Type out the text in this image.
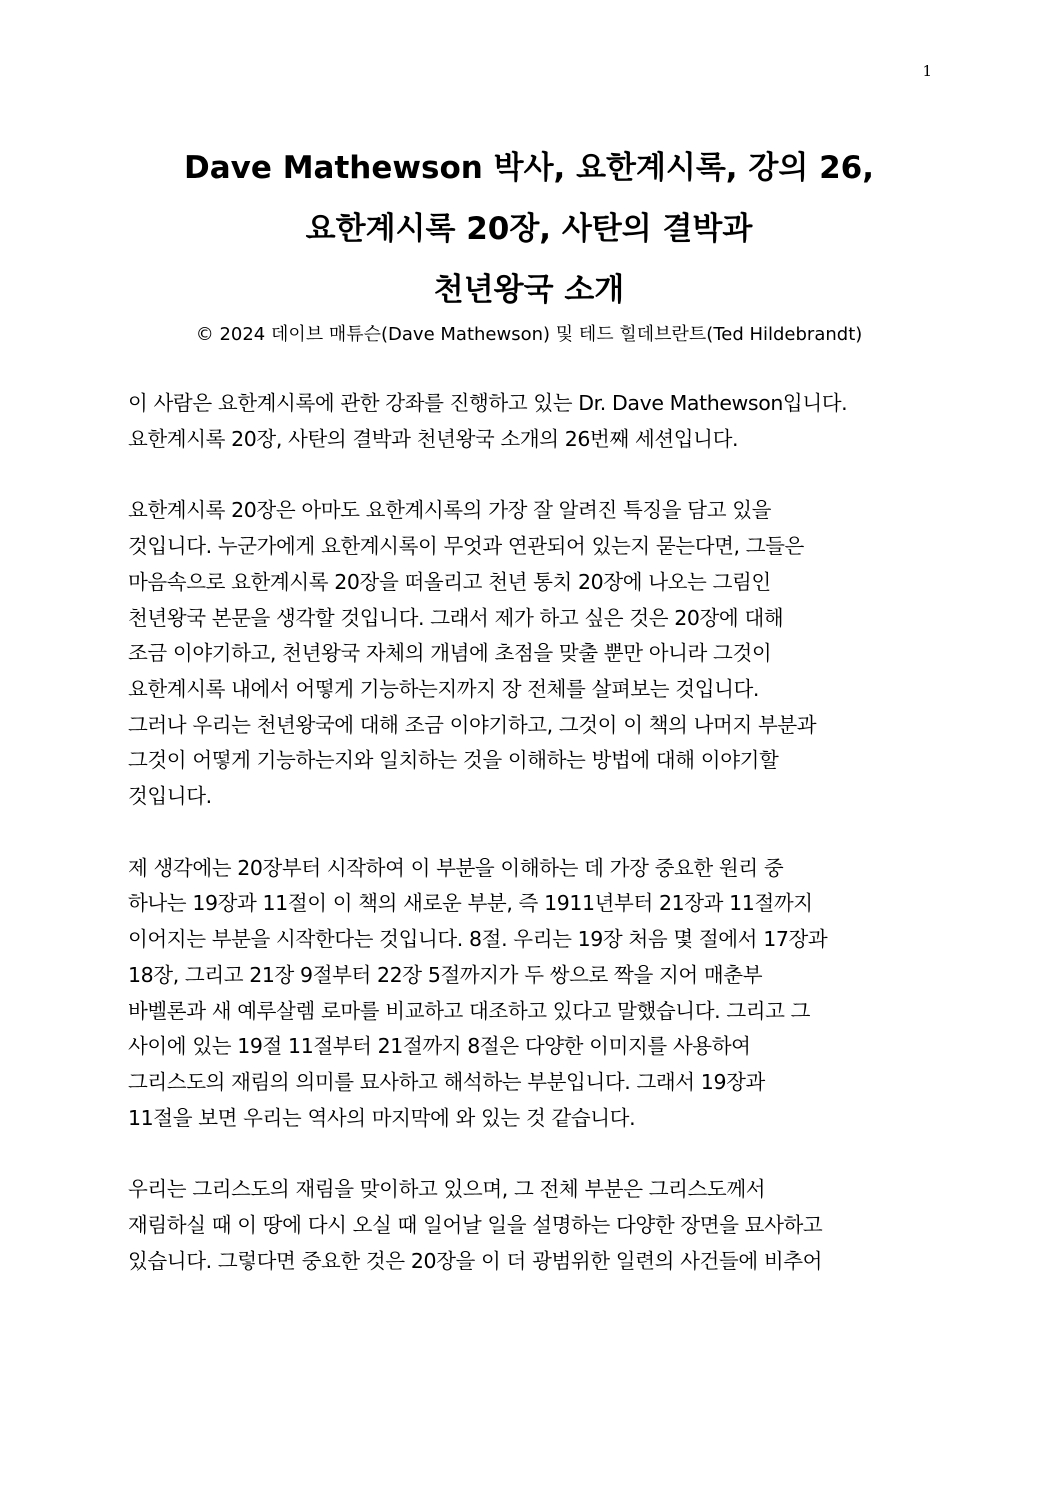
1
Dave Mathewson 박사, 요한계시록, 강의 26,
요한계시록 20장, 사탄의 결박과
천년왕국 소개
© 2024 데이브 매튜슨(Dave Mathewson) 및 테드 힐데브란트(Ted Hildebrandt)
이 사람은 요한계시록에 관한 강좌를 진행하고 있는 Dr. Dave Mathewson입니다.
요한계시록 20장, 사탄의 결박과 천년왕국 소개의 26번째 세션입니다.
요한계시록 20장은 아마도 요한계시록의 가장 잘 알려진 특징을 담고 있을
것입니다. 누군가에게 요한계시록이 무엇과 연관되어 있는지 묻는다면, 그들은
마음속으로 요한계시록 20장을 떠올리고 천년 통치 20장에 나오는 그림인
천년왕국 본문을 생각할 것입니다. 그래서 제가 하고 싶은 것은 20장에 대해
조금 이야기하고, 천년왕국 자체의 개념에 초점을 맞출 뿐만 아니라 그것이
요한계시록 내에서 어떻게 기능하는지까지 장 전체를 살펴보는 것입니다.
그러나 우리는 천년왕국에 대해 조금 이야기하고, 그것이 이 책의 나머지 부분과
그것이 어떻게 기능하는지와 일치하는 것을 이해하는 방법에 대해 이야기할
것입니다.
제 생각에는 20장부터 시작하여 이 부분을 이해하는 데 가장 중요한 원리 중
하나는 19장과 11절이 이 책의 새로운 부분, 즉 1911년부터 21장과 11절까지
이어지는 부분을 시작한다는 것입니다. 8절. 우리는 19장 처음 몇 절에서 17장과
18장, 그리고 21장 9절부터 22장 5절까지가 두 쌍으로 짝을 지어 매춘부
바벨론과 새 예루살렘 로마를 비교하고 대조하고 있다고 말했습니다. 그리고 그
사이에 있는 19절 11절부터 21절까지 8절은 다양한 이미지를 사용하여
그리스도의 재림의 의미를 묘사하고 해석하는 부분입니다. 그래서 19장과
11절을 보면 우리는 역사의 마지막에 와 있는 것 같습니다.
우리는 그리스도의 재림을 맞이하고 있으며, 그 전체 부분은 그리스도께서
재림하실 때 이 땅에 다시 오실 때 일어날 일을 설명하는 다양한 장면을 묘사하고
있습니다. 그렇다면 중요한 것은 20장을 이 더 광범위한 일련의 사건들에 비추어
